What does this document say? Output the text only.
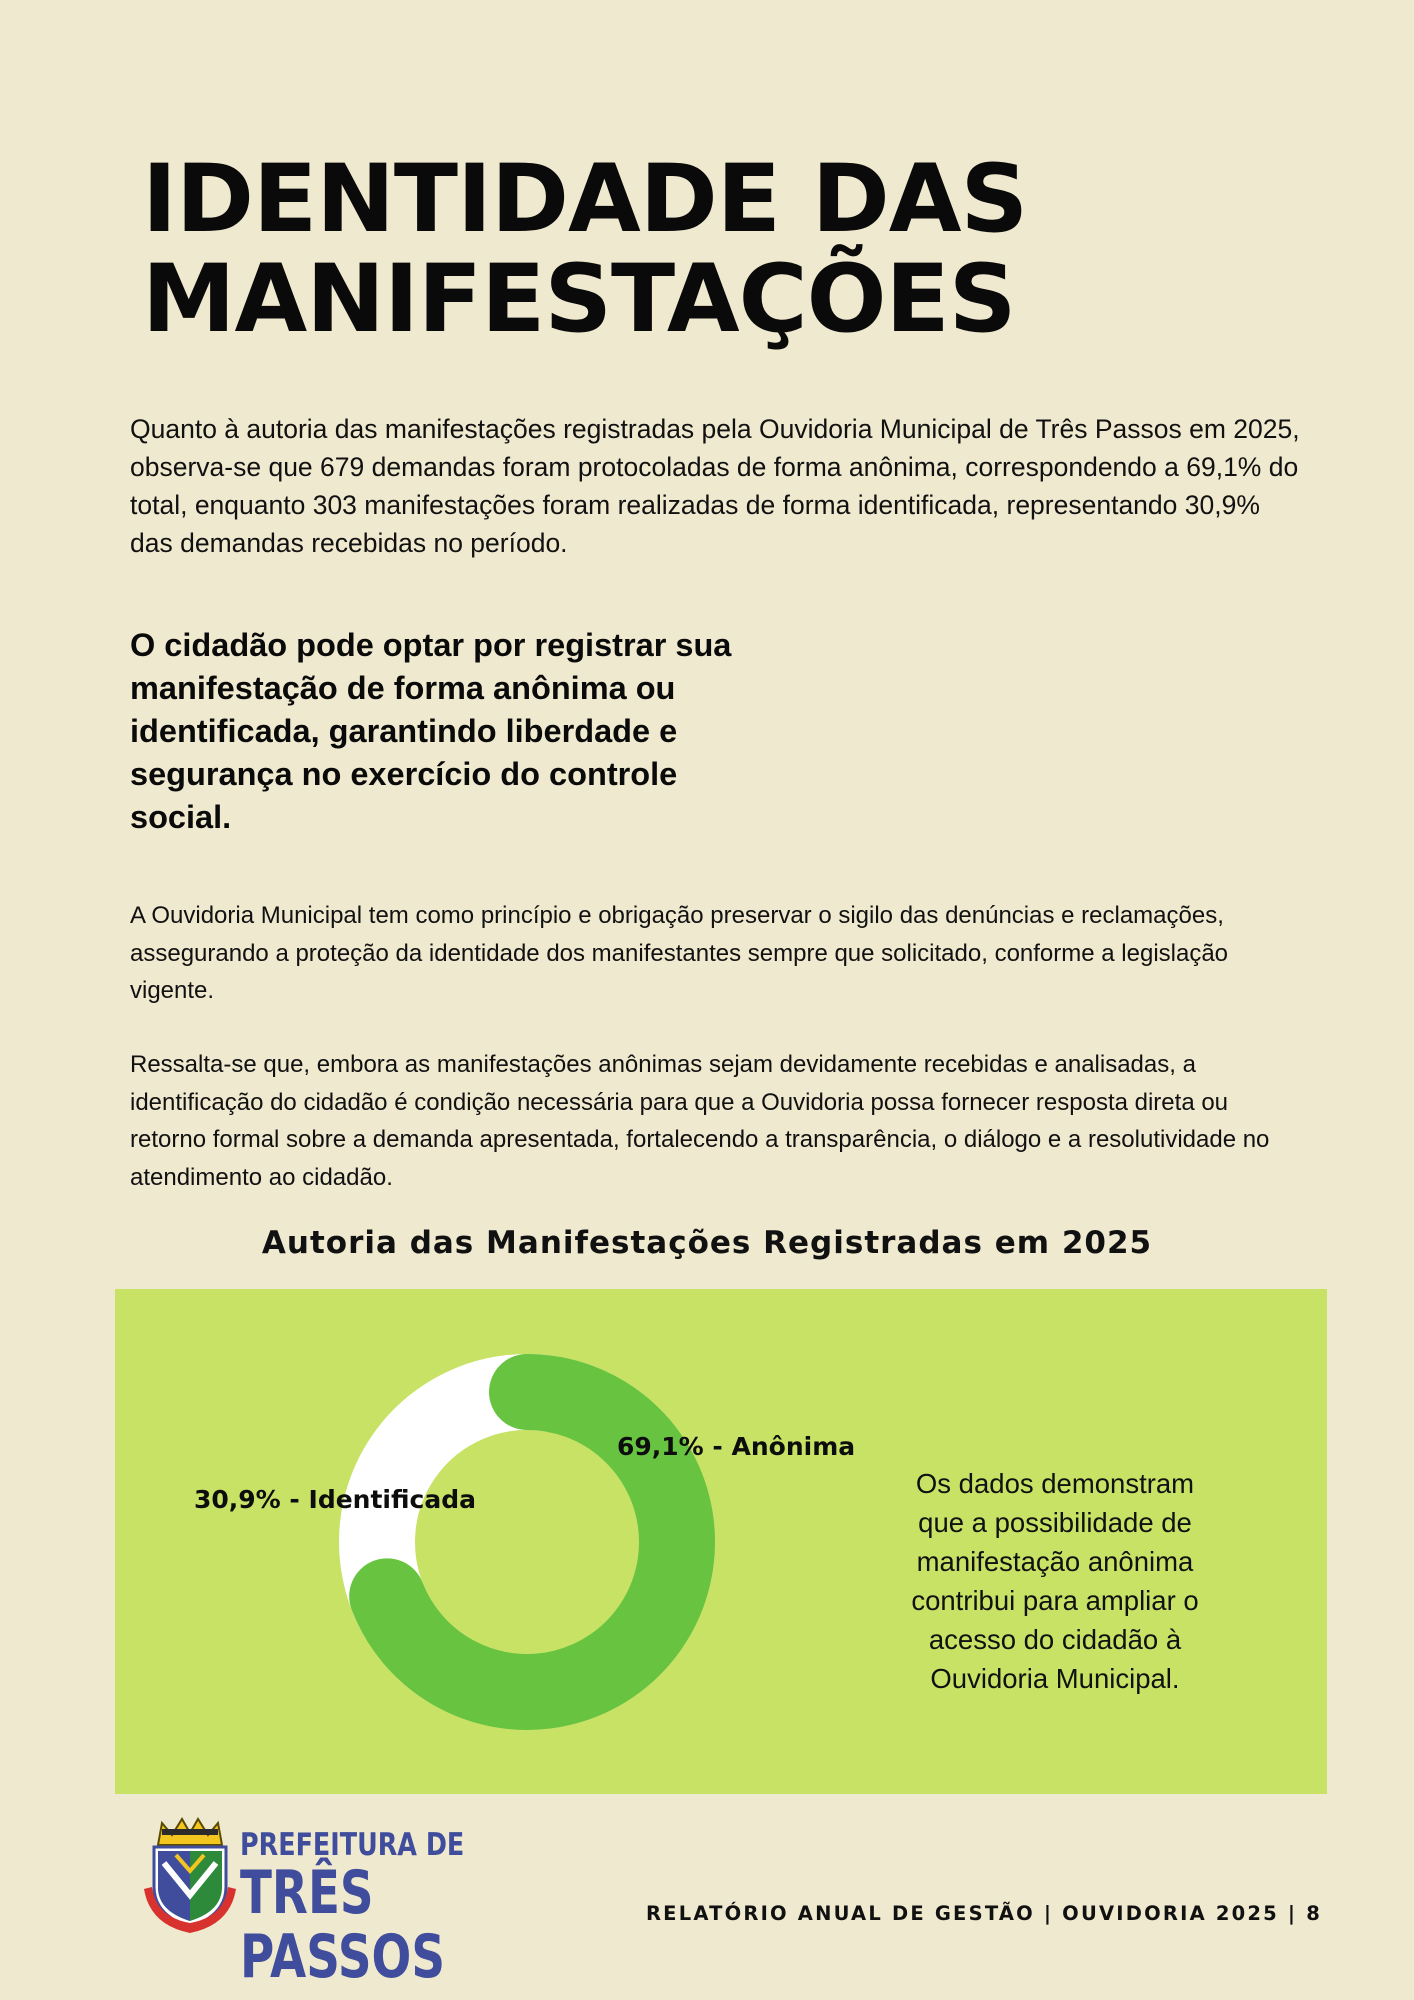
IDENTIDADE DAS
MANIFESTAÇÕES

Quanto à autoria das manifestações registradas pela Ouvidoria Municipal de Três Passos em 2025, observa-se que 679 demandas foram protocoladas de forma anônima, correspondendo a 69,1% do total, enquanto 303 manifestações foram realizadas de forma identificada, representando 30,9% das demandas recebidas no período.

O cidadão pode optar por registrar sua manifestação de forma anônima ou identificada, garantindo liberdade e segurança no exercício do controle social.

A Ouvidoria Municipal tem como princípio e obrigação preservar o sigilo das denúncias e reclamações, assegurando a proteção da identidade dos manifestantes sempre que solicitado, conforme a legislação vigente.

Ressalta-se que, embora as manifestações anônimas sejam devidamente recebidas e analisadas, a identificação do cidadão é condição necessária para que a Ouvidoria possa fornecer resposta direta ou retorno formal sobre a demanda apresentada, fortalecendo a transparência, o diálogo e a resolutividade no atendimento ao cidadão.

Autoria das Manifestações Registradas em 2025
69,1% - Anônima
30,9% - Identificada

Os dados demonstram que a possibilidade de manifestação anônima contribui para ampliar o acesso do cidadão à Ouvidoria Municipal.

PREFEITURA DE
TRÊS PASSOS
RELATÓRIO ANUAL DE GESTÃO | OUVIDORIA 2025 | 8
